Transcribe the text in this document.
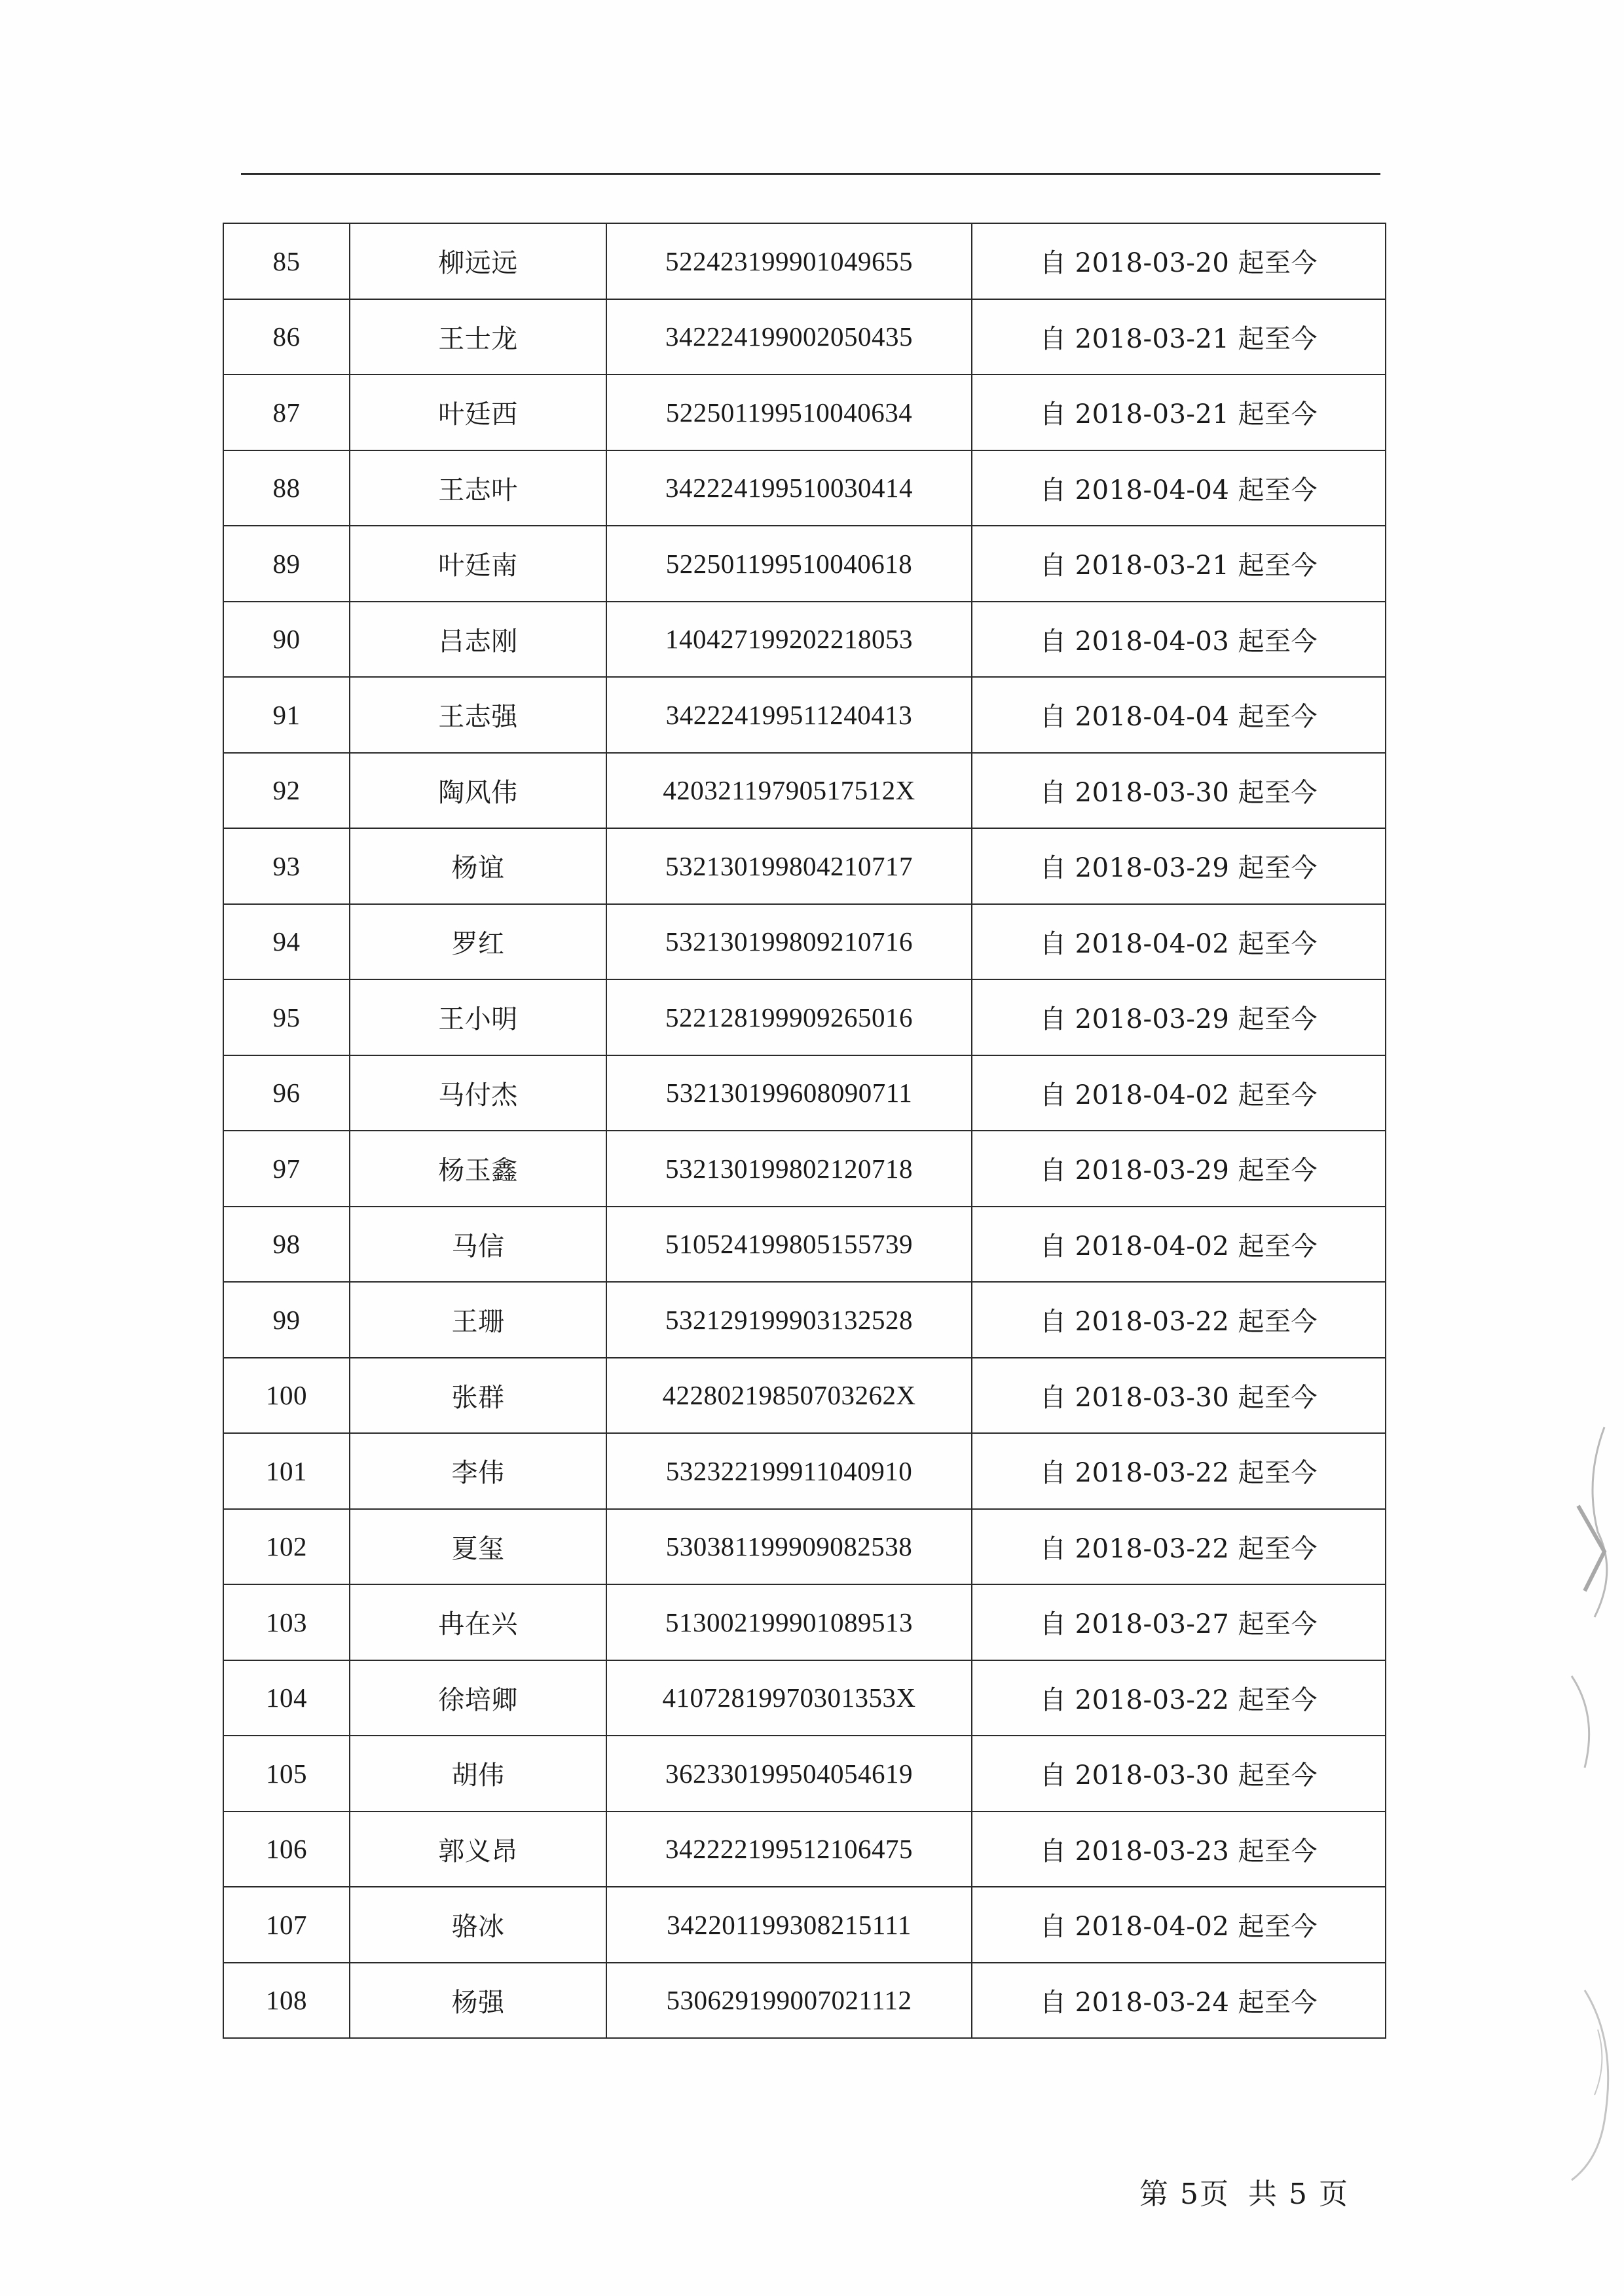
85	柳远远	522423199901049655	自 2018-03-20 起至今
86	王士龙	342224199002050435	自 2018-03-21 起至今
87	叶廷西	522501199510040634	自 2018-03-21 起至今
88	王志叶	342224199510030414	自 2018-04-04 起至今
89	叶廷南	522501199510040618	自 2018-03-21 起至今
90	吕志刚	140427199202218053	自 2018-04-03 起至今
91	王志强	342224199511240413	自 2018-04-04 起至今
92	陶风伟	42032119790517512X	自 2018-03-30 起至今
93	杨谊	532130199804210717	自 2018-03-29 起至今
94	罗红	532130199809210716	自 2018-04-02 起至今
95	王小明	522128199909265016	自 2018-03-29 起至今
96	马付杰	532130199608090711	自 2018-04-02 起至今
97	杨玉鑫	532130199802120718	自 2018-03-29 起至今
98	马信	510524199805155739	自 2018-04-02 起至今
99	王珊	532129199903132528	自 2018-03-22 起至今
100	张群	42280219850703262X	自 2018-03-30 起至今
101	李伟	532322199911040910	自 2018-03-22 起至今
102	夏玺	530381199909082538	自 2018-03-22 起至今
103	冉在兴	513002199901089513	自 2018-03-27 起至今
104	徐培卿	41072819970301353X	自 2018-03-22 起至今
105	胡伟	362330199504054619	自 2018-03-30 起至今
106	郭义昂	342222199512106475	自 2018-03-23 起至今
107	骆冰	342201199308215111	自 2018-04-02 起至今
108	杨强	530629199007021112	自 2018-03-24 起至今
第 5页 共 5 页
